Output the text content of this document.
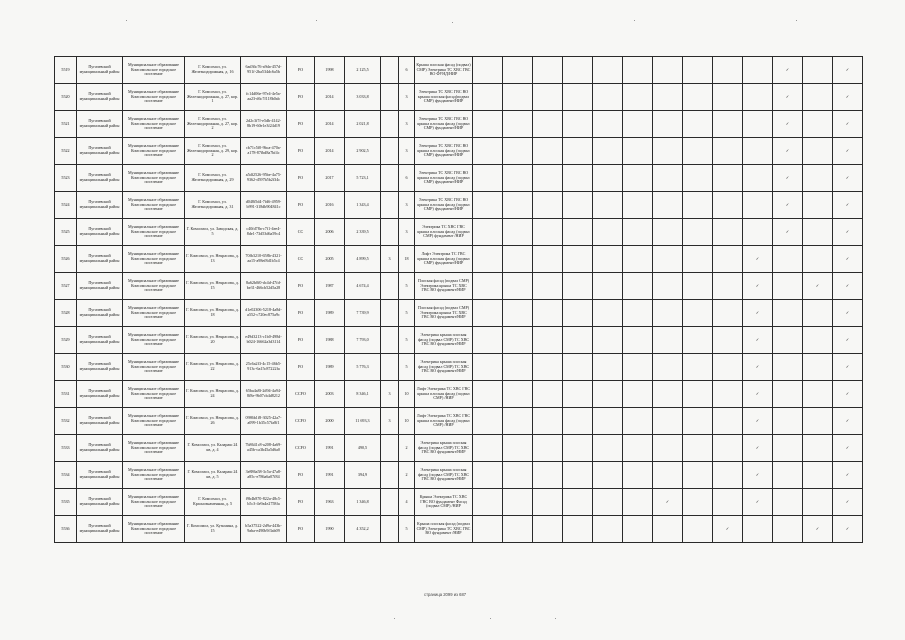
5519	Пугачевский муниципальный район	Муниципальное образование Комсомольское городское поселение	Г. Комсомол, ул. Железнодорожная, д. 16	6ad36c76-a9da-457d-951f-2ba534dc6a5b	FO	1998	2 125,5		6	Крыша плоская фасад (подвал) СМР) Электрика ТС ХВС ГВС ВО ФУНД/НИР											✓		✓
5520	Пугачевский муниципальный район	Муниципальное образование Комсомольское городское поселение	Г. Комсомол, ул. Железнодорожная, д. 27, кор. 1	fc14d06e-97e4-4e5a-aa23-d6c7f118b0ab	FO	2014	3 033,8		3	Электрика ТС ХВС ГВС ВО крыша плоская фасад(подвал СМР) фундамент/НИР											✓		✓
5521	Пугачевский муниципальный район	Муниципальное образование Комсомольское городское поселение	Г. Комсомол, ул. Железнодорожная, д. 27, кор. 2	2d2c3f7f-e5db-4142-8b19-60e1e3f24d19	FO	2014	2 021,8		3	Электрика ТС ХВС ГВС ВО крыша плоская фасад (подвал СМР) фундамент/НИР											✓		✓
5522	Пугачевский муниципальный район	Муниципальное образование Комсомольское городское поселение	Г. Комсомол, ул. Железнодорожная, д. 29, кор. 2	cb71c5f0-9bca-470a-a178-87fbd8a7bf4c	FO	2014	2 902,5		3	Электрика ТС ХВС ГВС ВО крыша плоская фасад (подвал СМР) фундамент/НИР											✓		✓
5523	Пугачевский муниципальный район	Муниципальное образование Комсомольское городское поселение	Г. Комсомол, ул. Железнодорожная, д. 29	a5df2526-95be-4a75-9362-d597b5b2f34c	FO	2017	5 723,1		6	Электрика ТС ХВС ГВС ВО крыша плоская фасад (подвал СМР) фундамент/НИР											✓		✓
5524	Пугачевский муниципальный район	Муниципальное образование Комсомольское городское поселение	Г. Комсомол, ул. Железнодорожная, д. 31	d048f5d4-7fd6-4959-b991-318db904841c	FO	2016	1 343,4		3	Электрика ТС ХВС ГВС ВО крыша плоская фасад (подвал СМР) фундамент/НИР											✓		✓
5525	Пугачевский муниципальный район	Муниципальное образование Комсомольское городское поселение	Г. Комсомол, ул. Заводская, д. 5	c40fd78a-c7f1-4ee4-8de1-73d53d6a59c4	CC	2006	2 339,5		3	Электрика ТС ХВС ГВС крыша плоская фасад (подвал СМР) фундамент /НИР											✓		✓
5526	Пугачевский муниципальный район	Муниципальное образование Комсомольское городское поселение	Г. Комсомол, ул. Некрасова, д. 13	70fb3210-658b-4321-aa15-a98ef8d1b5c4	CC	2005	4 899,5	3	18	Лифт Электрика ТС ГВС крыша плоская фасад (подвал СМР) фундамент/НИР										✓			✓
5527	Пугачевский муниципальный район	Муниципальное образование Комсомольское городское поселение	Г. Комсомол, ул. Некрасова, д. 15	8a62b0f0-dc4d-47fd-be31-466cb52d5a28	FO	1987	4 674,4		5	Плоская фасад (подвал СМР) Электрика крыша ТС ХВС ГВС ВО фундамент/НИР										✓		✓	✓
5528	Пугачевский муниципальный район	Муниципальное образование Комсомольское городское поселение	Г. Комсомол, ул. Некрасова, д. 18	d1e02306-5218-4a8d-a552-c720ec875a9c	FO	1989	7 739,9		5	Плоская фасад (подвал СМР) Электрика крыша ТС ХВС ГВС ВО фундамент/НИР										✓			✓
5529	Пугачевский муниципальный район	Муниципальное образование Комсомольское городское поселение	Г. Комсомол, ул. Некрасова, д. 20	e49d3213-c1b0-498d-b024-16662a3d3114	FO	1988	7 793,0		5	Электрика крыша плоская фасад (подвал СМР) ТС ХВС ГВС ВО фундамент/НИР										✓			✓
5530	Пугачевский муниципальный район	Муниципальное образование Комсомольское городское поселение	Г. Комсомол, ул. Некрасова, д. 22	25c6a2f3-4c15-46b5-913c-6a15c87222fa	FO	1989	5 776,3		5	Электрика крыша плоская фасад (подвал СМР) ТС ХВС ГВС ВО фундамент/НИР										✓			✓
5531	Пугачевский муниципальный район	Муниципальное образование Комсомольское городское поселение	Г. Комсомол, ул. Некрасова, д. 24	65ba4a8f-2d94-4a94-8f8e-9b07cb4d8212	CCFO	2003	8 346,1	3	10	Лифт Электрика ТС ХВС ГВС крыша плоская фасад (подвал СМР) /НИР										✓			✓
5532	Пугачевский муниципальный район	Муниципальное образование Комсомольское городское поселение	Г. Комсомол, ул. Некрасова, д. 26	0986b1f8-3025-42a7-a099-1b35c57fa8f1	CCFO	2000	11 693,3	3	10	Лифт Электрика ТС ХВС ГВС крыша плоская фасад (подвал СМР) /НИР										✓			✓
5533	Пугачевский муниципальный район	Муниципальное образование Комсомольское городское поселение	Г. Комсомол, ул. Калараш 24 кв, д. 4	7b8641c8-a208-4a69-a45b-ca3b45a5d6a0	CCFO	1991	490,5		2	Электрика крыша плоская фасад (подвал СМР) ТС ХВС ГВС ВО фундамент/НИР										✓			✓
5534	Пугачевский муниципальный район	Муниципальное образование Комсомольское городское поселение	Г. Комсомол, ул. Калараш 24 кв, д. 5	3e886a58-3c5a-47a8-a85c-e786a6a07f84	FO	1991	394,9		2	Электрика крыша плоская фасад (подвал СМР) ТС ХВС ГВС ВО фундамент/НИР										✓			✓
5535	Пугачевский муниципальный район	Муниципальное образование Комсомольское городское поселение	Г. Комсомол, ул. Краснознаменная, д. 5	f9b4b870-822a-48c5-b5c3-4e9a4e2758fa	FO	1963	1 346,8		4	Крыша Электрика ТС ХВС ГВС ВО фундамент Фасад (подвал СМР) /НИР							✓			✓			✓
5536	Пугачевский муниципальный район	Муниципальное образование Комсомольское городское поселение	Г. Комсомол, ул. Кузьмина, д. 15	b5a37522-2d9a-443b-9aba-e490b9f3ab09	FO	1990	4 352,2		5	Крыша плоская фасад (подвал СМР) Электрика ТС ХВС ГВС ВО фундамент /НИР									✓			✓	✓
страница 2099 из 687
